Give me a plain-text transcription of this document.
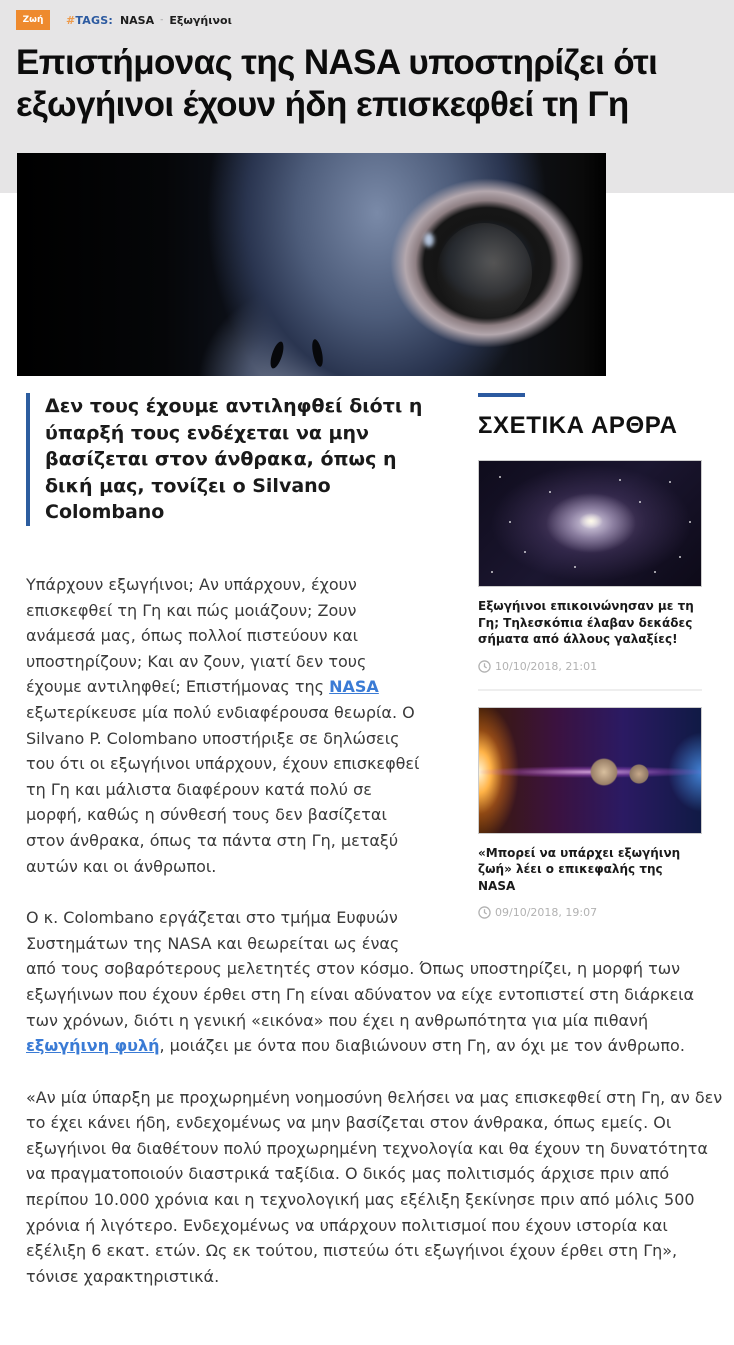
Ζωή	#TAGS: NASA - Εξωγήινοι
Επιστήμονας της NASA υποστηρίζει ότι εξωγήινοι έχουν ήδη επισκεφθεί τη Γη
Δεν τους έχουμε αντιληφθεί διότι η ύπαρξή τους ενδέχεται να μην βασίζεται στον άνθρακα, όπως η δική μας, τονίζει ο Silvano Colombano

Υπάρχουν εξωγήινοι; Αν υπάρχουν, έχουν επισκεφθεί τη Γη και πώς μοιάζουν; Ζουν ανάμεσά μας, όπως πολλοί πιστεύουν και υποστηρίζουν; Και αν ζουν, γιατί δεν τους έχουμε αντιληφθεί; Επιστήμονας της NASA εξωτερίκευσε μία πολύ ενδιαφέρουσα θεωρία. Ο Silvano P. Colombano υποστήριξε σε δηλώσεις του ότι οι εξωγήινοι υπάρχουν, έχουν επισκεφθεί τη Γη και μάλιστα διαφέρουν κατά πολύ σε μορφή, καθώς η σύνθεσή τους δεν βασίζεται στον άνθρακα, όπως τα πάντα στη Γη, μεταξύ αυτών και οι άνθρωποι.

Ο κ. Colombano εργάζεται στο τμήμα Ευφυών Συστημάτων της NASA και θεωρείται ως ένας
από τους σοβαρότερους μελετητές στον κόσμο. Όπως υποστηρίζει, η μορφή των εξωγήινων που έχουν έρθει στη Γη είναι αδύνατον να είχε εντοπιστεί στη διάρκεια των χρόνων, διότι η γενική «εικόνα» που έχει η ανθρωπότητα για μία πιθανή εξωγήινη φυλή, μοιάζει με όντα που διαβιώνουν στη Γη, αν όχι με τον άνθρωπο.

«Αν μία ύπαρξη με προχωρημένη νοημοσύνη θελήσει να μας επισκεφθεί στη Γη, αν δεν το έχει κάνει ήδη, ενδεχομένως να μην βασίζεται στον άνθρακα, όπως εμείς. Οι εξωγήινοι θα διαθέτουν πολύ προχωρημένη τεχνολογία και θα έχουν τη δυνατότητα να πραγματοποιούν διαστρικά ταξίδια. Ο δικός μας πολιτισμός άρχισε πριν από περίπου 10.000 χρόνια και η τεχνολογική μας εξέλιξη ξεκίνησε πριν από μόλις 500 χρόνια ή λιγότερο. Ενδεχομένως να υπάρχουν πολιτισμοί που έχουν ιστορία και εξέλιξη 6 εκατ. ετών. Ως εκ τούτου, πιστεύω ότι εξωγήινοι έχουν έρθει στη Γη», τόνισε χαρακτηριστικά.

ΣΧΕΤΙΚΑ ΑΡΘΡΑ
Εξωγήινοι επικοινώνησαν με τη Γη; Τηλεσκόπια έλαβαν δεκάδες σήματα από άλλους γαλαξίες!
10/10/2018, 21:01
«Μπορεί να υπάρχει εξωγήινη ζωή» λέει ο επικεφαλής της NASA
09/10/2018, 19:07
